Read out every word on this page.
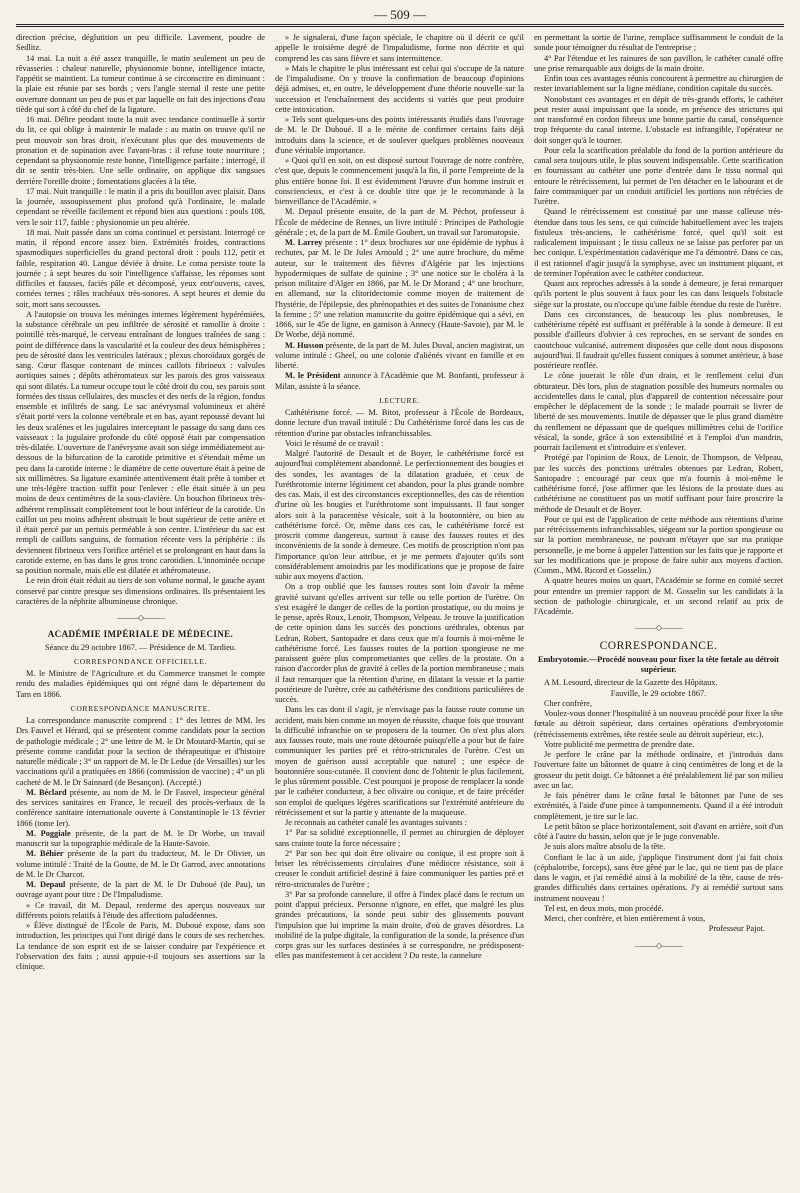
— 509 —

direction précise, déglutition un peu difficile. Lavement, poudre de Sedlitz.

14 mai. La nuit a été assez tranquille, le matin seulement un peu de rêvasseries : chaleur naturelle, physionomie bonne, intelligence intacte, l'appétit se maintient. La tumeur continue à se circonscrire en diminuant : la plaie est réunie par ses bords ; vers l'angle sternal il reste une petite ouverture donnant un peu de pus et par laquelle on fait des injections d'eau tiède qui sort à côté du chef de la ligature.

16 mai. Délire pendant toute la nuit avec tendance continuelle à sortir du lit, ce qui oblige à maintenir le malade : au matin on trouve qu'il ne peut mouvoir son bras droit, n'exécutant plus que des mouvements de pronation et de supination avec l'avant-bras : il refuse toute nourriture ; cependant sa physionomie reste bonne, l'intelligence parfaite : interrogé, il dit se sentir très-bien. Une selle ordinaire, on applique dix sangsues derrière l'oreille droite ; fomentations glacées à la tête.

17 mai. Nuit tranquille : le matin il a pris du bouillon avec plaisir. Dans la journée, assoupissement plus profond qu'à l'ordinaire, le malade cependant se réveille facilement et répond bien aux questions : pouls 108, vers le soir 117, faible : physionomie un peu altérée.

18 mai. Nuit passée dans un coma continuel et persistant. Interrogé ce matin, il répond encore assez bien. Extrémités froides, contractions spasmodiques superficielles du grand pectoral droit : pouls 112, petit et faible, respiration 40. Langue déviée à droite. Le coma persiste toute la journée ; à sept heures du soir l'intelligence s'affaisse, les réponses sont difficiles et fausses, faciès pâle et décomposé, yeux entr'ouverts, caves, cornées ternes ; râles trachéaux très-sonores. A sept heures et demie du soir, mort sans secousses.

A l'autopsie on trouva les méninges internes légèrement hypérémiées, la substance cérébrale un peu infiltrée de sérosité et ramollie à droite : pointillé très-marqué, le cerveau entraînant de longues traînées de sang : point de différence dans la vascularité et la couleur des deux hémisphères ; peu de sérosité dans les ventricules latéraux ; plexus choroïdaux gorgés de sang. Cœur flasque contenant de minces caillots fibrineux : valvules aortiques saines ; dépôts athéromateux sur les parois des gros vaisseaux qui sont dilatés. La tumeur occupe tout le côté droit du cou, ses parois sont formées des tissus cellulaires, des muscles et des nerfs de la région, fondus ensemble et infiltrés de sang. Le sac anévrysmal volumineux et altéré s'était porté vers la colonne vertébrale et en bas, ayant repoussé devant lui les deux scalènes et les jugulaires interceptant le passage du sang dans ces vaisseaux : la jugulaire profonde du côté opposé était par compensation très-dilatée. L'ouverture de l'anévrysme avait son siége immédiatement au-dessous de la bifurcation de la carotide primitive et s'étendait même un peu dans la carotide interne : le diamètre de cette ouverture était à peine de six millimètres. Sa ligature examinée attentivement était prête à tomber et une très-légère traction suffit pour l'enlever : elle était située à un peu moins de deux centimètres de la sous-clavière. Un bouchon fibrineux très-adhérent remplissait complètement tout le bout inférieur de la carotide. Un caillot un peu moins adhérent obstruait le bout supérieur de cette artère et il était percé par un pertuis perméable à son centre. L'intérieur du sac est rempli de caillots sanguins, de formation récente vers la périphérie : ils deviennent fibrineux vers l'orifice artériel et se prolongeant en haut dans la carotide externe, en bas dans le gros tronc carotidien. L'innominée occupe sa position normale, mais elle est dilatée et athéromateuse.

Le rein droit était réduit au tiers de son volume normal, le gauche ayant conservé par contre presque ses dimensions ordinaires. Ils présentaient les caractères de la néphrite albumineuse chronique.

———◇———
ACADÉMIE IMPÉRIALE DE MÉDECINE.

Séance du 29 octobre 1867. — Présidence de M. Tardieu.

CORRESPONDANCE OFFICIELLE.

M. le Ministre de l'Agriculture et du Commerce transmet le compte rendu des maladies épidémiques qui ont régné dans le département du Tarn en 1866.

CORRESPONDANCE MANUSCRITE.

La correspondance manuscrite comprend : 1° des lettres de MM. les Drs Fauvel et Hérard, qui se présentent comme candidats pour la section de pathologie médicale ; 2° une lettre de M. le Dr Moutard-Martin, qui se présente comme candidat pour la section de thérapeutique et d'histoire naturelle médicale ; 3° un rapport de M. le Dr Ledue (de Versailles) sur les vaccinations qu'il a pratiquées en 1866 (commission de vaccine) ; 4° un pli cacheté de M. le Dr Sainnard (de Besançon). (Accepté.)

M. Béclard présente, au nom de M. le Dr Fauvel, inspecteur général des services sanitaires en France, le recueil des procès-verbaux de la conférence sanitaire internationale ouverte à Constantinople le 13 février 1866 (tome Ier).

M. Poggiale présente, de la part de M. le Dr Worbe, un travail manuscrit sur la topographie médicale de la Haute-Savoie.

M. Béhier présente de la part du traducteur, M. le Dr Olivier, un volume intitulé : Traité de la Goutte, de M. le Dr Garrod, avec annotations de M. le Dr Charcot.

M. Depaul présente, de la part de M. le Dr Duboué (de Pau), un ouvrage ayant pour titre : De l'Impaludisme.

« Ce travail, dit M. Depaul, renferme des aperçus nouveaux sur différents points relatifs à l'étude des affections paludéennes.

» Élève distingué de l'École de Paris, M. Duboué expose, dans son introduction, les principes qui l'ont dirigé dans le cours de ses recherches. La tendance de son esprit est de se laisser conduire par l'expérience et l'observation des faits ; aussi appuie-t-il toujours ses assertions sur la clinique.

» Je signalerai, d'une façon spéciale, le chapitre où il décrit ce qu'il appelle le troisième degré de l'impaludisme, forme non décrite et qui comprend les cas sans fièvre et sans intermittence.

» Mais le chapitre le plus intéressant est celui qui s'occupe de la nature de l'impaludisme. On y trouve la confirmation de beaucoup d'opinions déjà admises, et, en outre, le développement d'une théorie nouvelle sur la succession et l'enchaînement des accidents si variés que peut produire cette intoxication.

» Tels sont quelques-uns des points intéressants étudiés dans l'ouvrage de M. le Dr Duboué. Il a le mérite de confirmer certains faits déjà introduits dans la science, et de soulever quelques problèmes nouveaux d'une véritable importance.

» Quoi qu'il en soit, on est disposé surtout l'ouvrage de notre confrère, c'est que, depuis le commencement jusqu'à la fin, il porte l'empreinte de la plus entière bonne foi. Il est évidemment l'œuvre d'un homme instruit et consciencieux, et c'est à ce double titre que je le recommande à la bienveillance de l'Académie. »

M. Depaul présente ensuite, de la part de M. Péchot, professeur à l'École de médecine de Rennes, un livre intitulé : Principes de Pathologie générale ; et, de la part de M. Émile Goubert, un travail sur l'aromatopsie.

M. Larrey présente : 1° deux brochures sur une épidémie de typhus à rechutes, par M. le Dr Jules Arnould ; 2° une autre brochure, du même auteur, sur le traitement des fièvres d'Algérie par les injections hypodermiques de sulfate de quinine ; 3° une notice sur le choléra à la prison militaire d'Alger en 1866, par M. le Dr Morand ; 4° une brochure, en allemand, sur la clitoridectomie comme moyen de traitement de l'hystérie, de l'épilepsie, des phrénopathies et des suites de l'onanisme chez la femme ; 5° une relation manuscrite du goitre épidémique qui a sévi, en 1866, sur le 45e de ligne, en garnison à Annecy (Haute-Savoie), par M. le Dr Worbe, déjà nommé.

M. Husson présente, de la part de M. Jules Duval, ancien magistrat, un volume intitulé : Gheel, ou une colonie d'aliénés vivant en famille et en liberté.

M. le Président annonce à l'Académie que M. Bonfanti, professeur à Milan, assiste à la séance.

LECTURE.

Cathétérisme forcé. — M. Bitot, professeur à l'École de Bordeaux, donne lecture d'un travail intitulé : Du Cathétérisme forcé dans les cas de rétention d'urine par obstacles infranchissables.

Voici le résumé de ce travail :

Malgré l'autorité de Desault et de Boyer, le cathétérisme forcé est aujourd'hui complétement abandonné. Le perfectionnement des bougies et des sondes, les avantages de la dilatation graduée, et ceux de l'uréthrotomie interne légitiment cet abandon, pour la plus grande nombre des cas. Mais, il est des circonstances exceptionnelles, des cas de rétention d'urine où les bougies et l'uréthrotome sont impuissants. Il faut songer alors soit à la paracentèse vésicale, soit à la boutonnière, ou bien au cathétérisme forcé. Or, même dans ces cas, le cathétérisme forcé est proscrit comme dangereux, surtout à cause des fausses routes et des inconvénients de la sonde à demeure. Ces motifs de proscription n'ont pas l'importance qu'on leur attribue, et je me permets d'ajouter qu'ils sont considérablement amoindris par les modifications que je propose de faire subir aux moyens d'action.

On a trop oublié que les fausses routes sont loin d'avoir la même gravité suivant qu'elles arrivent sur telle ou telle portion de l'urètre. On s'est exagéré le danger de celles de la portion prostatique, ou du moins je le pense, après Roux, Lenoir, Thompson, Velpeau. Je trouve la justification de cette opinion dans les succès des ponctions uréthrales, obtenus par Ledran, Robert, Santopadre et dans ceux que m'a fournis à moi-même le cathétérisme forcé. Les fausses routes de la portion spongieuse ne me paraissent guère plus compromettantes que celles de la prostate. On a raison d'accorder plus de gravité à celles de la portion membraneuse ; mais il faut remarquer que la rétention d'urine, en dilatant la vessie et la partie postérieure de l'urètre, crée au cathétérisme des conditions particulières de succès.

Dans les cas dont il s'agit, je n'envisage pas la fausse route comme un accident, mais bien comme un moyen de réussite, chaque fois que trouvant la difficulté infranchie on se proposera de la tourner. On n'est plus alors aux fausses route, mais une route détournée puisqu'elle a pour but de faire communiquer les parties pré et rétro-stricturales de l'urètre. C'est un moyen de guérison aussi acceptable que naturel ; une espèce de boutonnière sous-cutanée. Il convient donc de l'obtenir le plus facilement, le plus sûrement possible. C'est pourquoi je propose de remplacer la sonde par le cathéter conducteur, à bec olivaire ou conique, et de faire précéder son emploi de quelques légères scarifications sur l'extrémité antérieure du rétrécissement et sur la partie y attenante de la muqueuse.

Je reconnais au cathéter canalé les avantages suivants :

1° Par sa solidité exceptionnelle, il permet au chirurgien de déployer sans crainte toute la force nécessaire ;

2° Par son bec qui doit être olivaire ou conique, il est propre soit à briser les rétrécissements circulaires d'une médiocre résistance, soit à creuser le conduit artificiel destiné à faire communiquer les parties pré et rétro-stricturales de l'urètre ;

3° Par sa profonde cannelure, il offre à l'index placé dans le rectum un point d'appui précieux. Personne n'ignore, en effet, que malgré les plus grandes précautions, la sonde peut subir des glissements pouvant l'impulsion que lui imprime la main droite, d'où de graves désordres. La mobilité de la pulpe digitale, la configuration de la sonde, la présence d'un corps gras sur les surfaces destinées à se correspondre, ne prédisposent-elles pas manifestement à cet accident ? Du reste, la cannelure

en permettant la sortie de l'urine, remplace suffisamment le conduit de la sonde pour témoigner du résultat de l'entreprise ;

4° Par l'étendue et les rainures de son pavillon, le cathéter canalé offre une prise remarquable aux doigts de la main droite.

Enfin tous ces avantages réunis concourent à permettre au chirurgien de rester invariablement sur la ligne médiane, condition capitale du succès.

Nonobstant ces avantages et en dépit de très-grands efforts, le cathéter peut rester aussi impuissant que la sonde, en présence des strictures qui ont transformé en cordon fibreux une bonne partie du canal, conséquence trop fréquente du canal interne. L'obstacle est infrangible, l'opérateur ne doit songer qu'à le tourner.

Pour cela la scarification préalable du fond de la portion antérieure du canal sera toujours utile, le plus souvent indispensable. Cette scarification en fournissant au cathéter une porte d'entrée dans le tissu normal qui entoure le rétrécissement, lui permet de l'en détacher en le labourant et de faire communiquer par un conduit artificiel les portions non rétrécies de l'urètre.

Quand le rétrécissement est constitué par une masse calleuse très-étendue dans tous les sens, ce qui coïncide habituellement avec les trajets fistuleux très-anciens, le cathétérisme forcé, quel qu'il soit est radicalement impuissant ; le tissu calleux ne se laisse pas perforer par un bec conique. L'expérimentation cadavérique me l'a démontré. Dans ce cas, il est rationnel d'agir jusqu'à la symphyse, avec un instrument piquant, et de terminer l'opération avec le cathéter conducteur.

Quant aux reproches adressés à la sonde à demeure, je ferai remarquer qu'ils portent le plus souvent à faux pour les cas dans lesquels l'obstacle siége sur la prostate, ou n'occupe qu'une faible étendue du reste de l'urètre.

Dans ces circonstances, de beaucoup les plus nombreuses, le cathétérisme répété est suffisant et préférable à la sonde à demeure. Il est possible d'ailleurs d'obvier à ces reproches, en se servant de sondes en caoutchouc vulcanisé, autrement disposées que celle dont nous disposons aujourd'hui. Il faudrait qu'elles fussent coniques à sommet antérieur, à base postérieure renflée.

Le cône jouerait le rôle d'un drain, et le renflement celui d'un obturateur. Dès lors, plus de stagnation possible des humeurs normales ou accidentelles dans le canal, plus d'appareil de contention nécessaire pour empêcher le déplacement de la sonde ; le malade pourrait se livrer de liberté de ses mouvements. Inutile de dépasser que le plus grand diamètre du renflement ne dépassant que de quelques millimètres celui de l'orifice vésical, la sonde, grâce à son extensibilité et à l'emploi d'un mandrin, pourrait facilement et s'introduire et s'enlever.

Protégé par l'opinion de Roux, de Lenoir, de Thompson, de Velpeau, par les succès des ponctions urétrales obtenues par Ledran, Robert, Santopadre ; encouragé par ceux que m'a fournis à moi-même le cathétérisme forcé, j'ose affirmer que les lésions de la prostate dues au cathétérisme ne constituent pas un motif suffisant pour faire proscrire la méthode de Desault et de Boyer.

Pour ce qui est de l'application de cette méthode aux rétentions d'urine par rétrécissements infranchissables, siégeant sur la portion spongieuse ou sur la portion membraneuse, ne pouvant m'étayer que sur ma pratique personnelle, je me borne à appeler l'attention sur les faits que je rapporte et sur les modifications que je propose de faire subir aux moyens d'action. (Comm., MM. Ricord et Gosselin.)

A quatre heures moins un quart, l'Académie se forme en comité secret pour entendre un premier rapport de M. Gosselin sur les candidats à la section de pathologie chirurgicale, et un second relatif au prix de l'Académie.

———◇———
CORRESPONDANCE.
Embryotomie.—Procédé nouveau pour fixer la tête fœtale au détroit supérieur.

A M. Lesourd, directeur de la Gazette des Hôpitaux.

Fauville, le 29 octobre 1867.

Cher confrère,

Voulez-vous donner l'hospitalité à un nouveau procédé pour fixer la tête fœtale au détroit supérieur, dans certaines opérations d'embryotomie (rétrécissements extrêmes, tête restée seule au détroit supérieur, etc.).

Votre publicité me permettra de prendre date.

Je perfore le crâne par la méthode ordinaire, et j'introduis dans l'ouverture faite un bâtonnet de quatre à cinq centimètres de long et de la grosseur du petit doigt. Ce bâtonnet a été préalablement lié par son milieu avec un lac.

Je fais pénétrer dans le crâne fœtal le bâtonnet par l'une de ses extrémités, à l'aide d'une pince à tamponnements. Quand il a été introduit complètement, je tire sur le lac.

Le petit bâton se place horizontalement, soit d'avant en arrière, soit d'un côté à l'autre du bassin, selon que je le juge convenable.

Je suis alors maître absolu de la tête.

Confiant le lac à un aide, j'applique l'instrument dont j'ai fait choix (céphalotribe, forceps), sans être gêné par le lac, qui ne tient pas de place dans le vagin, et j'ai remédié ainsi à la mobilité de la tête, cause de très-grandes difficultés dans certaines opérations. J'y ai remédié surtout sans instrument nouveau !

Tel est, en deux mots, mon procédé.

Merci, cher confrère, et bien entièrement à vous,

Professeur Pajot.

———◇———
